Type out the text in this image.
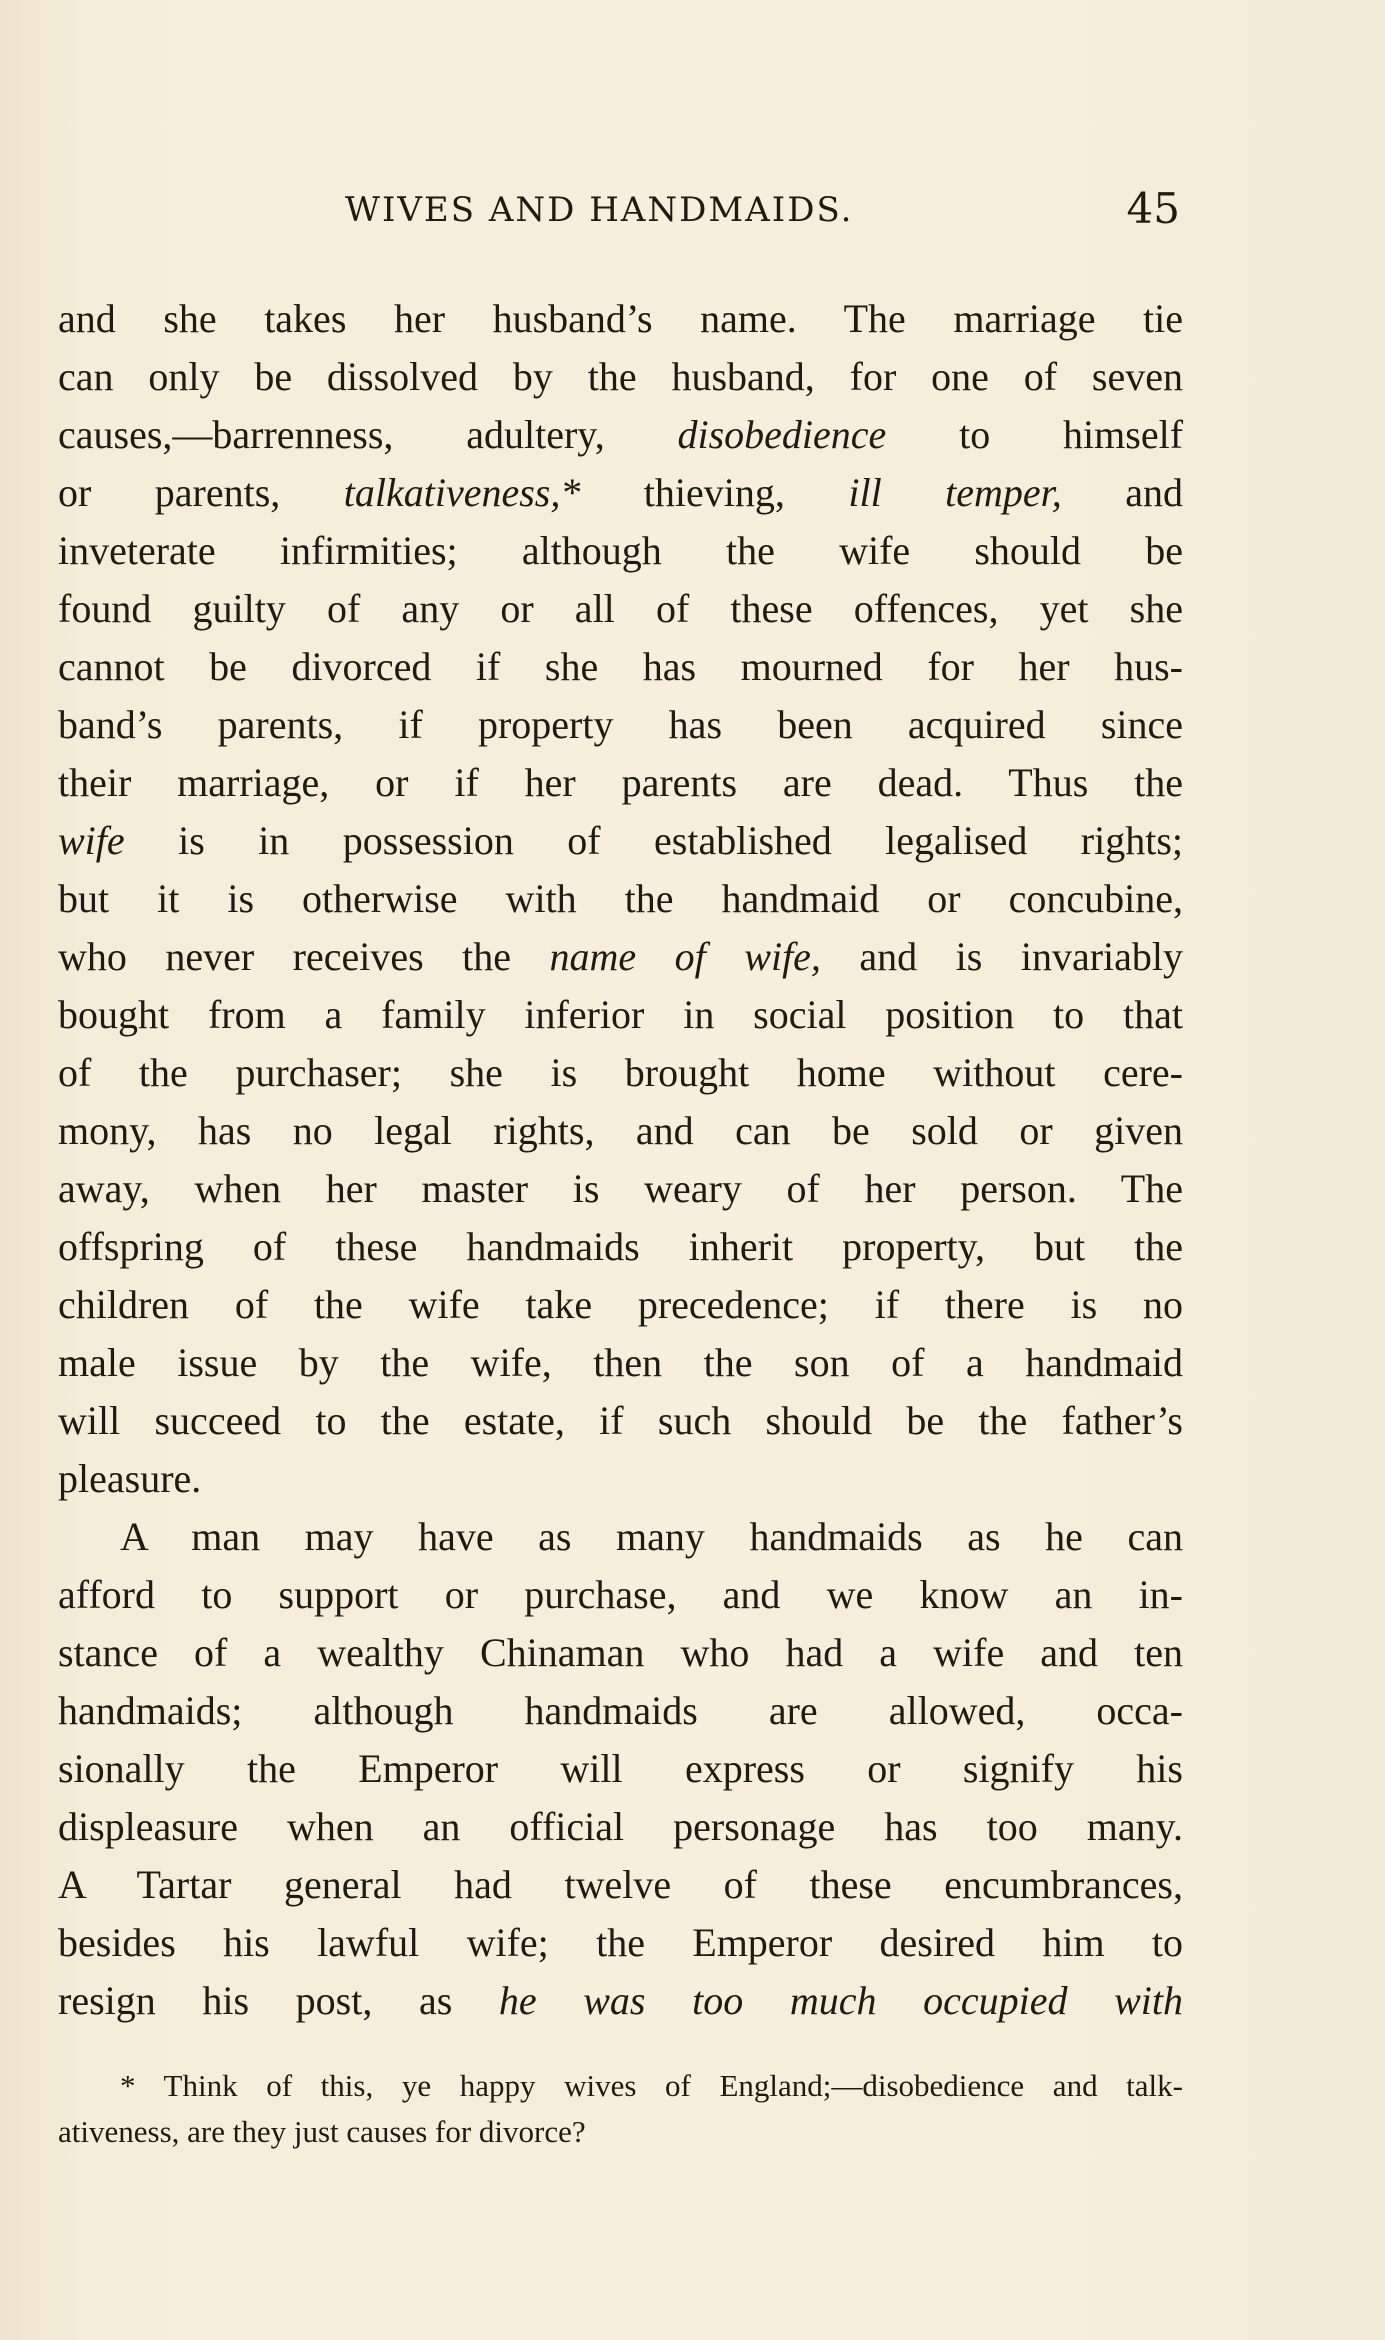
WIVES AND HANDMAIDS.	45
and she takes her husband’s name. The marriage tie
can only be dissolved by the husband, for one of seven
causes,—barrenness, adultery, disobedience to himself
or parents, talkativeness,* thieving, ill temper, and
inveterate infirmities; although the wife should be
found guilty of any or all of these offences, yet she
cannot be divorced if she has mourned for her hus-
band’s parents, if property has been acquired since
their marriage, or if her parents are dead. Thus the
wife is in possession of established legalised rights;
but it is otherwise with the handmaid or concubine,
who never receives the name of wife, and is invariably
bought from a family inferior in social position to that
of the purchaser; she is brought home without cere-
mony, has no legal rights, and can be sold or given
away, when her master is weary of her person. The
offspring of these handmaids inherit property, but the
children of the wife take precedence; if there is no
male issue by the wife, then the son of a handmaid
will succeed to the estate, if such should be the father’s
pleasure.
A man may have as many handmaids as he can
afford to support or purchase, and we know an in-
stance of a wealthy Chinaman who had a wife and ten
handmaids; although handmaids are allowed, occa-
sionally the Emperor will express or signify his
displeasure when an official personage has too many.
A Tartar general had twelve of these encumbrances,
besides his lawful wife; the Emperor desired him to
resign his post, as he was too much occupied with
* Think of this, ye happy wives of England;—disobedience and talk-
ativeness, are they just causes for divorce?
